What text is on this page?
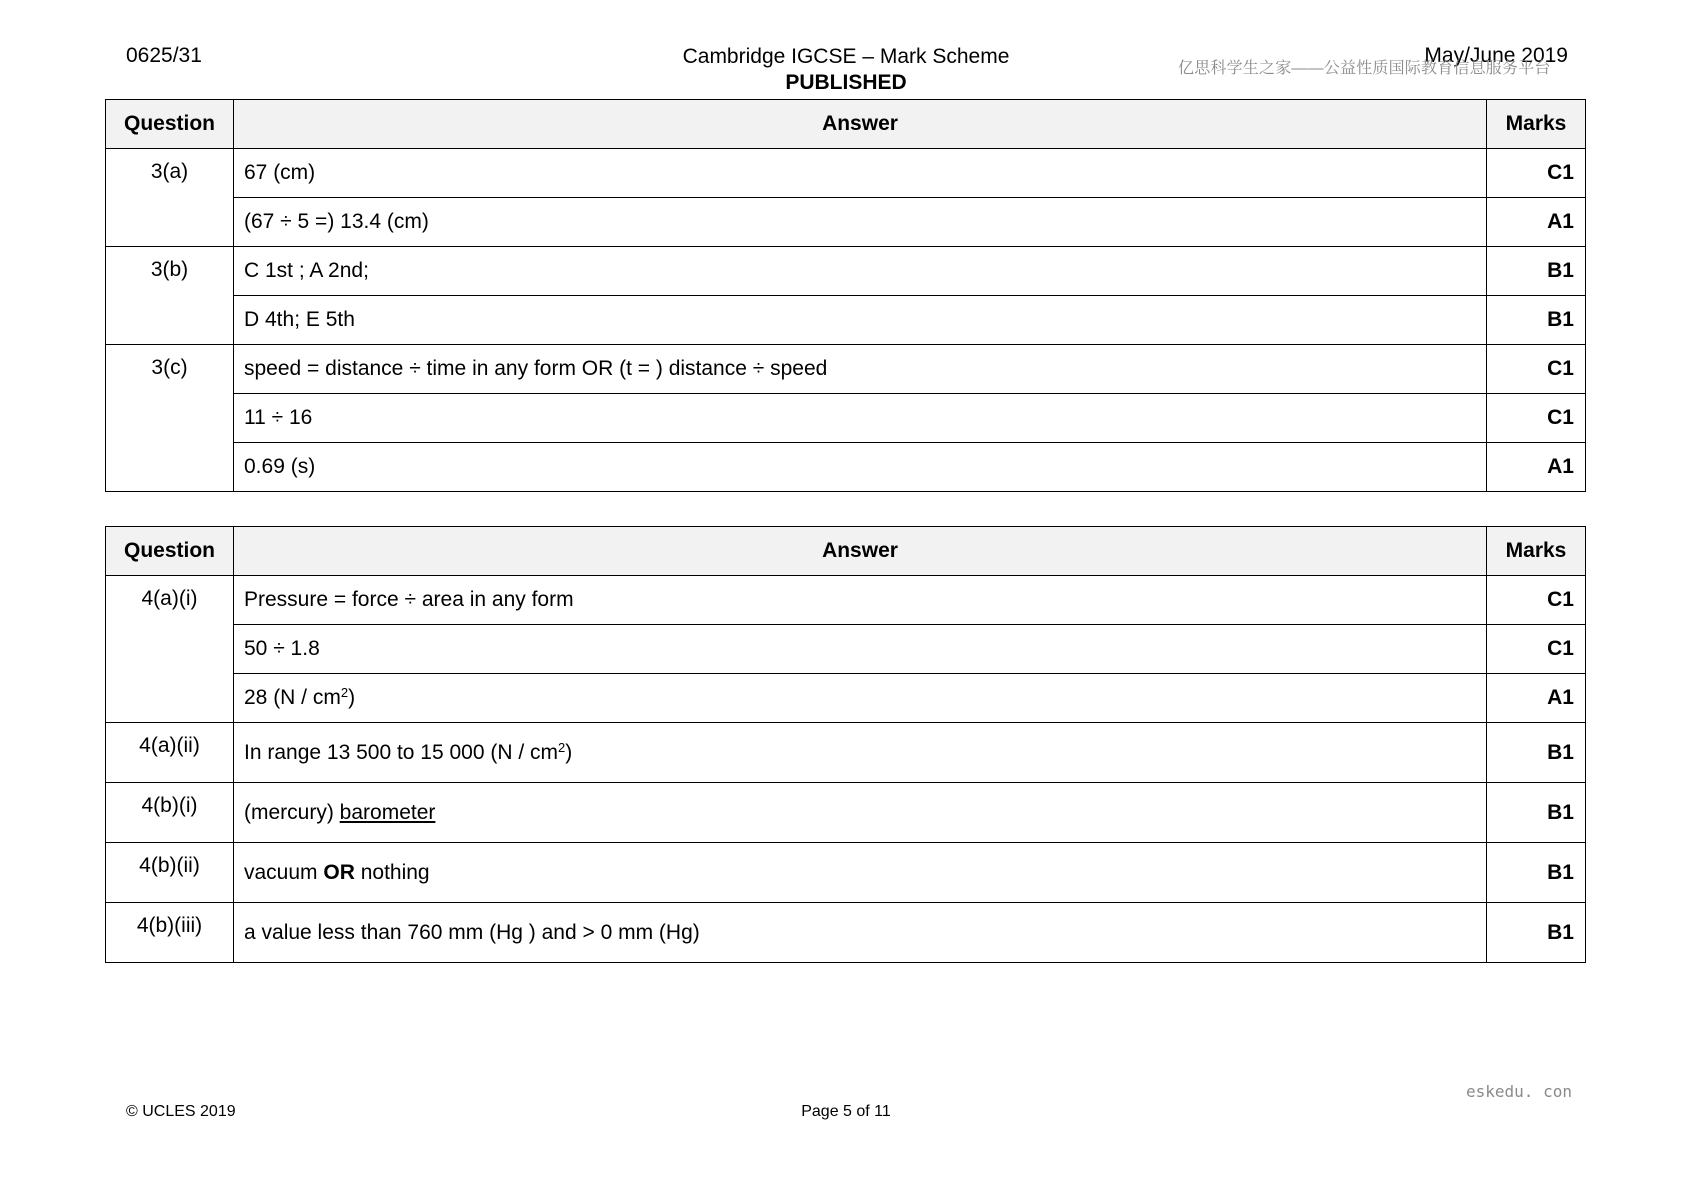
0625/31	Cambridge IGCSE – Mark Scheme
PUBLISHED
May/June 2019
亿思科学生之家——公益性质国际教育信息服务平台
Question	Answer	Marks
3(a)	67 (cm)	C1
	(67 ÷ 5 =) 13.4 (cm)	A1
3(b)	C 1st ; A 2nd;	B1
	D 4th; E 5th	B1
3(c)	speed = distance ÷ time in any form OR (t = ) distance ÷ speed	C1
	11 ÷ 16	C1
	0.69 (s)	A1
Question	Answer	Marks
4(a)(i)	Pressure = force ÷ area in any form	C1
	50 ÷ 1.8	C1
	28 $(N / cm^2)$	A1
4(a)(ii)	In range 13 500 to 15 000 $(N / cm^2)$	B1
4(b)(i)	(mercury) barometer	B1
4(b)(ii)	vacuum OR nothing	B1
4(b)(iii)	a value less than 760 mm (Hg ) and > 0 mm (Hg)	B1
eskedu. con
© UCLES 2019	Page 5 of 11
